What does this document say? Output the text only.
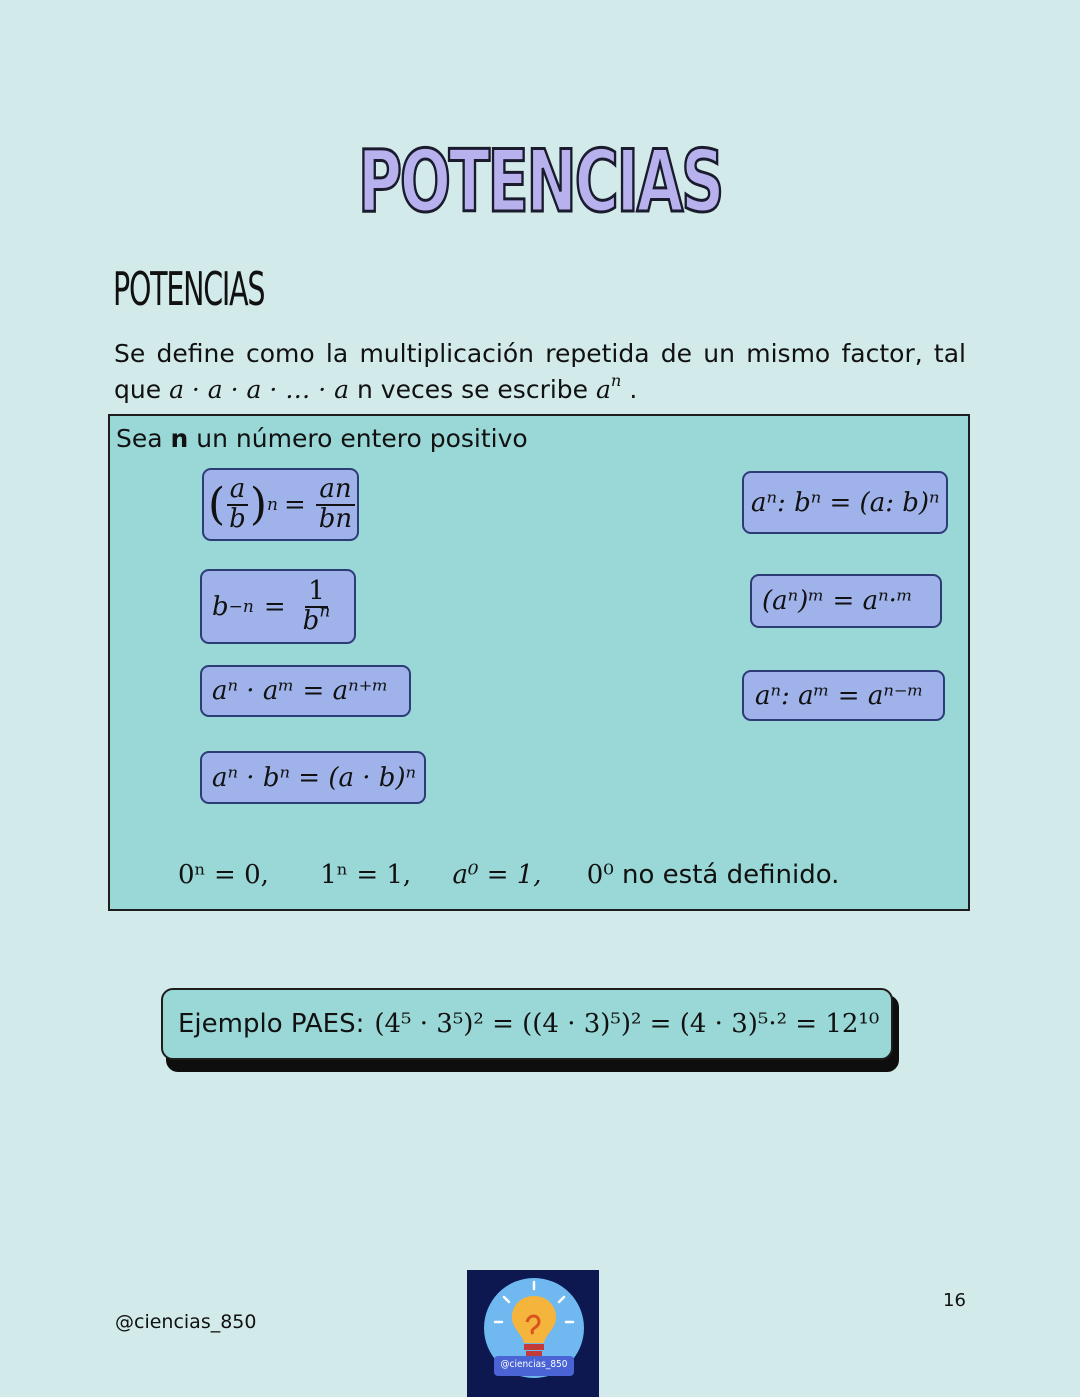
POTENCIAS
POTENCIAS
Se define como la multiplicación repetida de un mismo factor, tal que a · a · a · … · a n veces se escribe $a^n$ .
Sea n un número entero positivo
( $\frac{a}{b}$ ) $n = \frac{an}{bn}$	aⁿ: bⁿ = (a: b)ⁿ
$b -n = \frac{1}{b^n}$	(aⁿ)ᵐ = aⁿ·ᵐ
aⁿ · aᵐ = aⁿ⁺ᵐ	aⁿ: aᵐ = aⁿ⁻ᵐ
aⁿ · bⁿ = (a · b)ⁿ
0ⁿ = 0, 1ⁿ = 1, a⁰ = 1, 0⁰ no está definido.
Ejemplo PAES: (4⁵ · 3⁵)² = ((4 · 3)⁵)² = (4 · 3)⁵·² = 12¹⁰
@ciencias_850
16
@ciencias_850
